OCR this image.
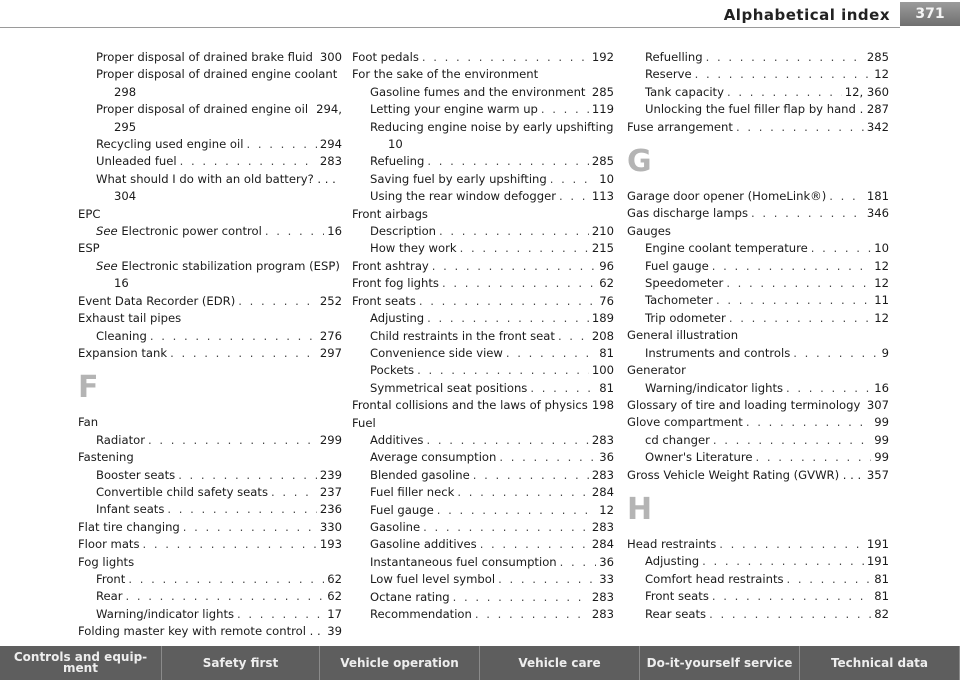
Alphabetical index	371
Proper disposal of drained brake fluid 300
Proper disposal of drained engine coolant
298
Proper disposal of drained engine oil 294,
295
Recycling used engine oil . . .	294
Unleaded fuel . . .	283
What should I do with an old battery? . . .
304
EPC
See Electronic power control . . .	16
ESP
See Electronic stabilization program (ESP)
16
Event Data Recorder (EDR) . . .	252
Exhaust tail pipes
Cleaning . . .	276
Expansion tank . . .	297
F
Fan
Radiator . . .	299
Fastening
Booster seats . . .	239
Convertible child safety seats . . .	237
Infant seats . . .	236
Flat tire changing . . .	330
Floor mats . . .	193
Fog lights
Front . . .	62
Rear . . .	62
Warning/indicator lights . . .	17
Folding master key with remote control . . 39
Foot pedals . . .	192
For the sake of the environment
Gasoline fumes and the environment 285
Letting your engine warm up . . .	119
Reducing engine noise by early upshifting
10
Refueling . . .	285
Saving fuel by early upshifting . . .	10
Using the rear window defogger . . .	113
Front airbags
Description . . .	210
How they work . . .	215
Front ashtray . . .	96
Front fog lights . . .	62
Front seats . . .	76
Adjusting . . .	189
Child restraints in the front seat . . .	208
Convenience side view . . .	81
Pockets . . .	100
Symmetrical seat positions . . .	81
Frontal collisions and the laws of physics 198
Fuel
Additives . . .	283
Average consumption . . .	36
Blended gasoline . . .	283
Fuel filler neck . . .	284
Fuel gauge . . .	12
Gasoline . . .	283
Gasoline additives . . .	284
Instantaneous fuel consumption . . .	36
Low fuel level symbol . . .	33
Octane rating . . .	283
Recommendation . . .	283
Refuelling . . .	285
Reserve . . .	12
Tank capacity . . .	12, 360
Unlocking the fuel filler flap by hand . 287
Fuse arrangement . . .	342
G
Garage door opener (HomeLink®) . . .	181
Gas discharge lamps . . .	346
Gauges
Engine coolant temperature . . .	10
Fuel gauge . . .	12
Speedometer . . .	12
Tachometer . . .	11
Trip odometer . . .	12
General illustration
Instruments and controls . . .	9
Generator
Warning/indicator lights . . .	16
Glossary of tire and loading terminology 307
Glove compartment . . .	99
cd changer . . .	99
Owner's Literature . . .	99
Gross Vehicle Weight Rating (GVWR) . . . 357
H
Head restraints . . .	191
Adjusting . . .	191
Comfort head restraints . . .	81
Front seats . . .	81
Rear seats . . .	82
Controls and equip- ment	Safety first	Vehicle operation	Vehicle care	Do-it-yourself service	Technical data
